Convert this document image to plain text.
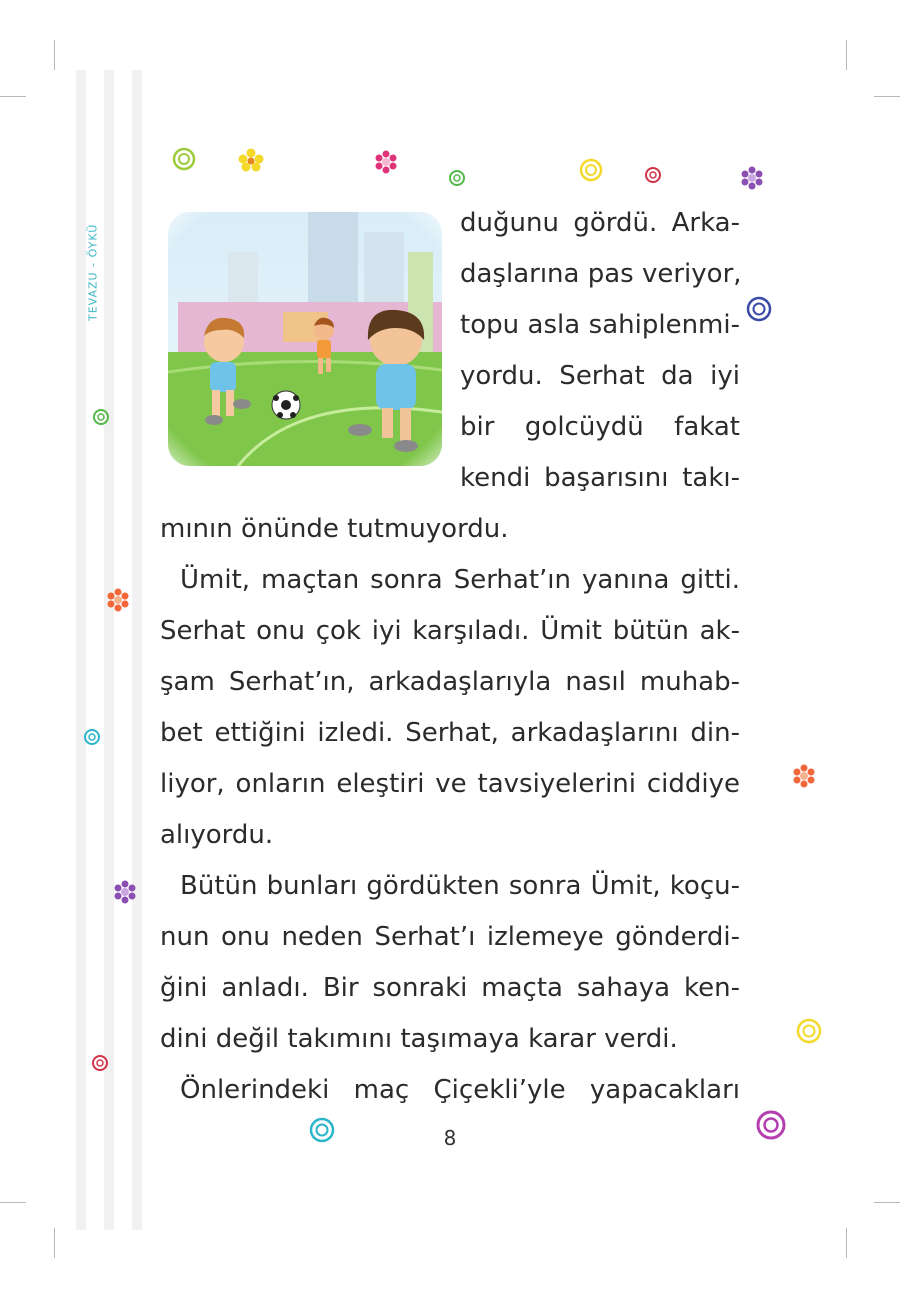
TEVAZU - ÖYKÜ
duğunu gördü. Arka-
daşlarına pas veriyor,
topu asla sahiplenmi-
yordu. Serhat da iyi
bir golcüydü fakat
kendi başarısını takı-
mının önünde tutmuyordu.
Ümit, maçtan sonra Serhat’ın yanına gitti.
Serhat onu çok iyi karşıladı. Ümit bütün ak-
şam Serhat’ın, arkadaşlarıyla nasıl muhab-
bet ettiğini izledi. Serhat, arkadaşlarını din-
liyor, onların eleştiri ve tavsiyelerini ciddiye
alıyordu.
Bütün bunları gördükten sonra Ümit, koçu-
nun onu neden Serhat’ı izlemeye gönderdi-
ğini anladı. Bir sonraki maçta sahaya ken-
dini değil takımını taşımaya karar verdi.
Önlerindeki maç Çiçekli’yle yapacakları
8
